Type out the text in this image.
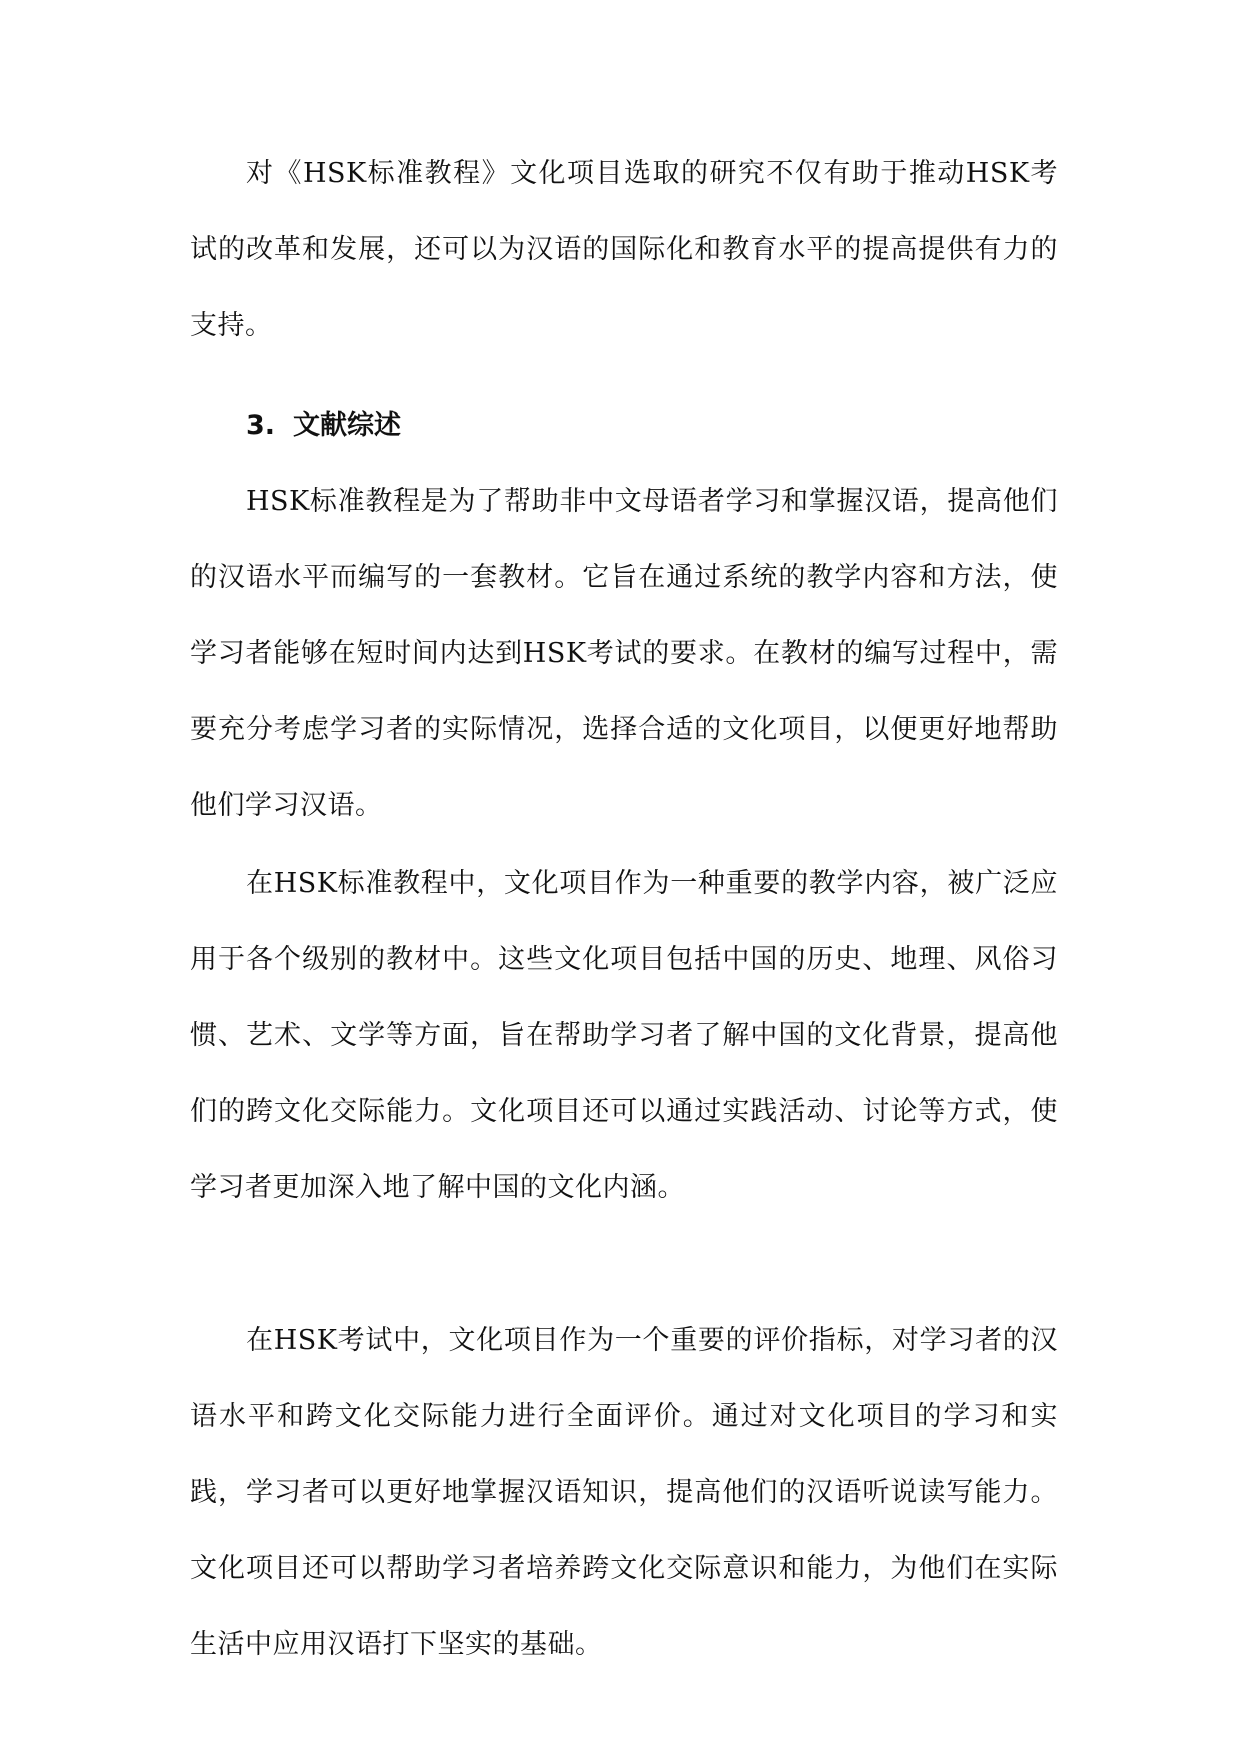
对《HSK标准教程》文化项目选取的研究不仅有助于推动HSK考试的改革和发展，还可以为汉语的国际化和教育水平的提高提供有力的支持。

3. 文献综述

HSK标准教程是为了帮助非中文母语者学习和掌握汉语，提高他们的汉语水平而编写的一套教材。它旨在通过系统的教学内容和方法，使学习者能够在短时间内达到HSK考试的要求。在教材的编写过程中，需要充分考虑学习者的实际情况，选择合适的文化项目，以便更好地帮助他们学习汉语。

在HSK标准教程中，文化项目作为一种重要的教学内容，被广泛应用于各个级别的教材中。这些文化项目包括中国的历史、地理、风俗习惯、艺术、文学等方面，旨在帮助学习者了解中国的文化背景，提高他们的跨文化交际能力。文化项目还可以通过实践活动、讨论等方式，使学习者更加深入地了解中国的文化内涵。

在HSK考试中，文化项目作为一个重要的评价指标，对学习者的汉语水平和跨文化交际能力进行全面评价。通过对文化项目的学习和实践，学习者可以更好地掌握汉语知识，提高他们的汉语听说读写能力。文化项目还可以帮助学习者培养跨文化交际意识和能力，为他们在实际生活中应用汉语打下坚实的基础。
